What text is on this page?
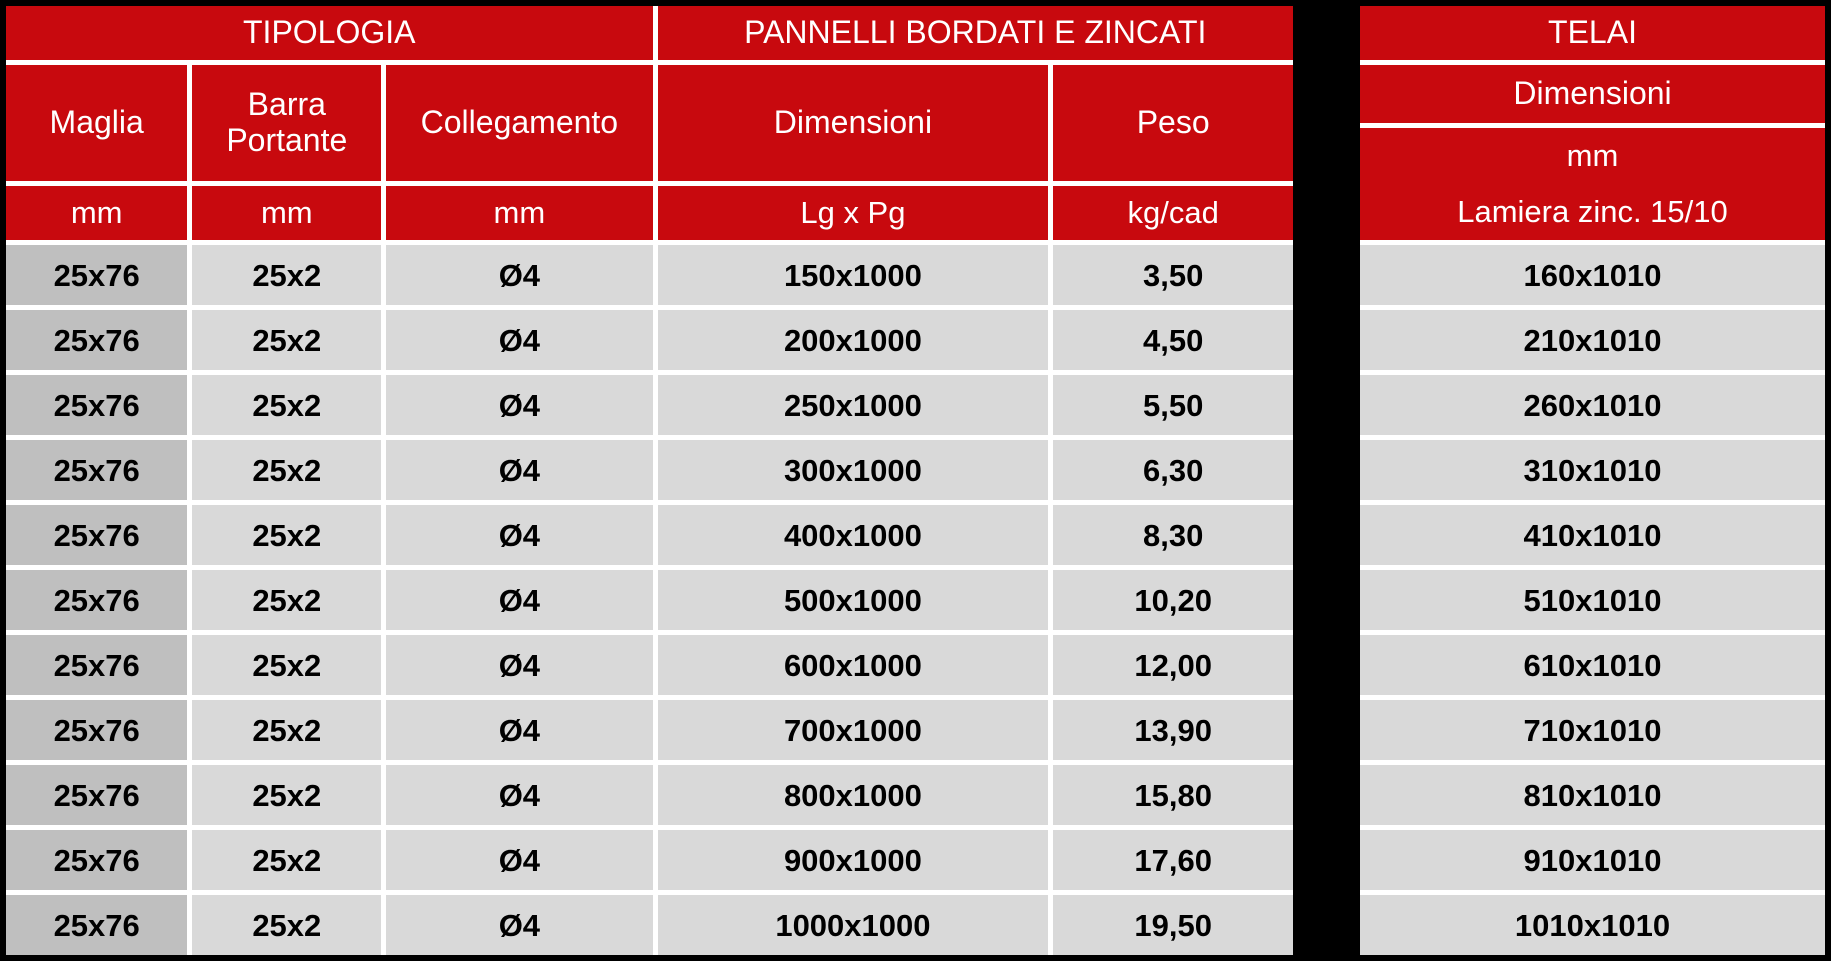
TIPOLOGIA			PANNELLI BORDATI E ZINCATI	
Maglia	Barra Portante	Collegamento	Dimensioni	Peso
mm	mm	mm	Lg x Pg	kg/cad
25x76	25x2	Ø4	150x1000	3,50
25x76	25x2	Ø4	200x1000	4,50
25x76	25x2	Ø4	250x1000	5,50
25x76	25x2	Ø4	300x1000	6,30
25x76	25x2	Ø4	400x1000	8,30
25x76	25x2	Ø4	500x1000	10,20
25x76	25x2	Ø4	600x1000	12,00
25x76	25x2	Ø4	700x1000	13,90
25x76	25x2	Ø4	800x1000	15,80
25x76	25x2	Ø4	900x1000	17,60
25x76	25x2	Ø4	1000x1000	19,50
TELAI
Dimensioni

mm
Lamiera zinc. 15/10

160x1010
210x1010
260x1010
310x1010
410x1010
510x1010
610x1010
710x1010
810x1010
910x1010
1010x1010
